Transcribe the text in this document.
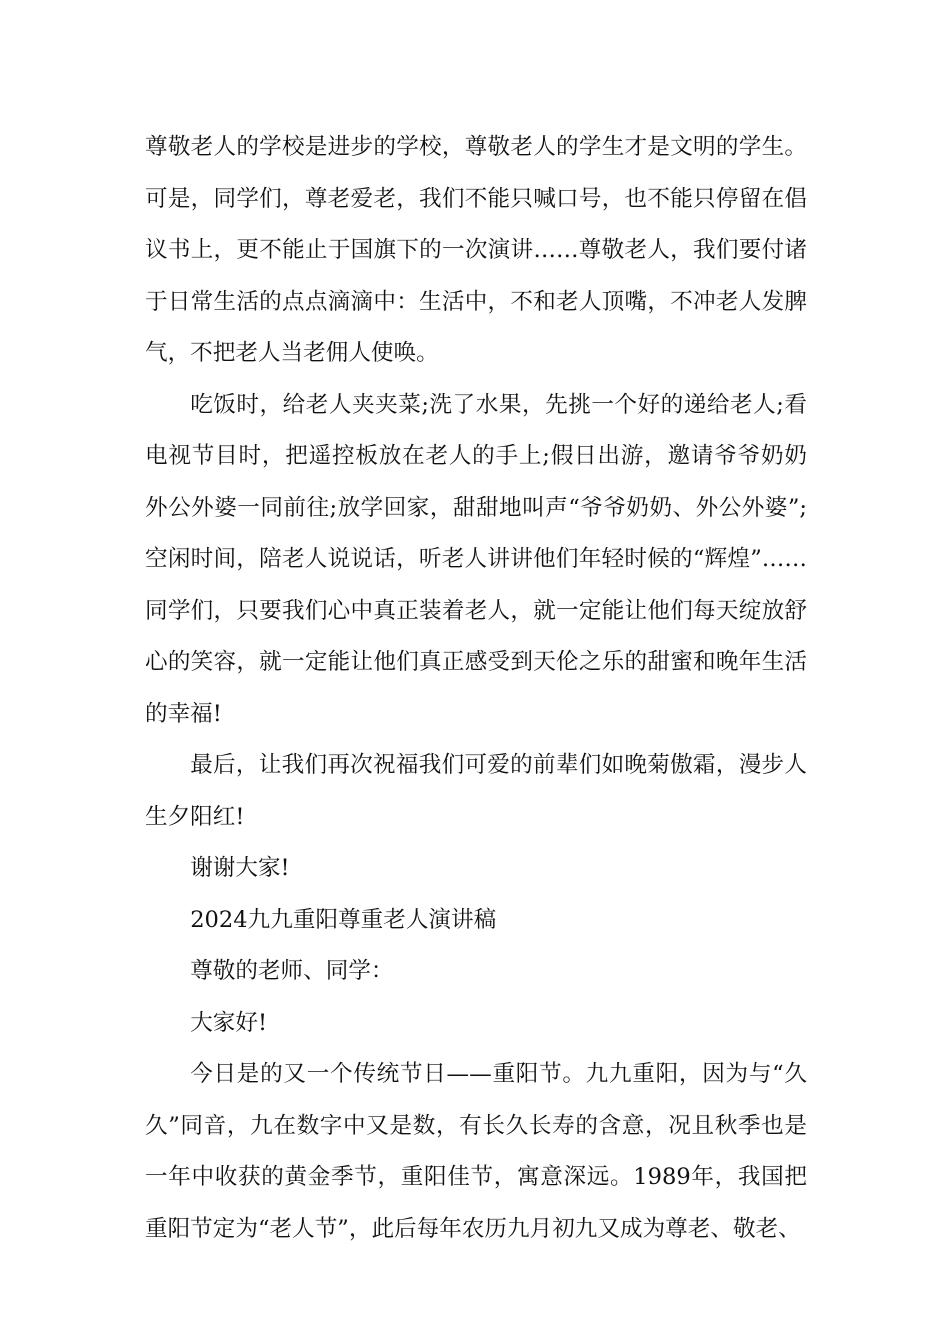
尊敬老人的学校是进步的学校，尊敬老人的学生才是文明的学生。可是，同学们，尊老爱老，我们不能只喊口号，也不能只停留在倡议书上，更不能止于国旗下的一次演讲……尊敬老人，我们要付诸于日常生活的点点滴滴中：生活中，不和老人顶嘴，不冲老人发脾气，不把老人当老佣人使唤。

吃饭时，给老人夹夹菜;洗了水果，先挑一个好的递给老人;看电视节目时，把遥控板放在老人的手上;假日出游，邀请爷爷奶奶外公外婆一同前往;放学回家，甜甜地叫声“爷爷奶奶、外公外婆”;空闲时间，陪老人说说话，听老人讲讲他们年轻时候的“辉煌”……同学们，只要我们心中真正装着老人，就一定能让他们每天绽放舒心的笑容，就一定能让他们真正感受到天伦之乐的甜蜜和晚年生活的幸福!

最后，让我们再次祝福我们可爱的前辈们如晚菊傲霜，漫步人生夕阳红!

谢谢大家!

2024九九重阳尊重老人演讲稿

尊敬的老师、同学：

大家好!

今日是的又一个传统节日——重阳节。九九重阳，因为与“久久”同音，九在数字中又是数，有长久长寿的含意，况且秋季也是一年中收获的黄金季节，重阳佳节，寓意深远。1989年，我国把重阳节定为“老人节”，此后每年农历九月初九又成为尊老、敬老、
